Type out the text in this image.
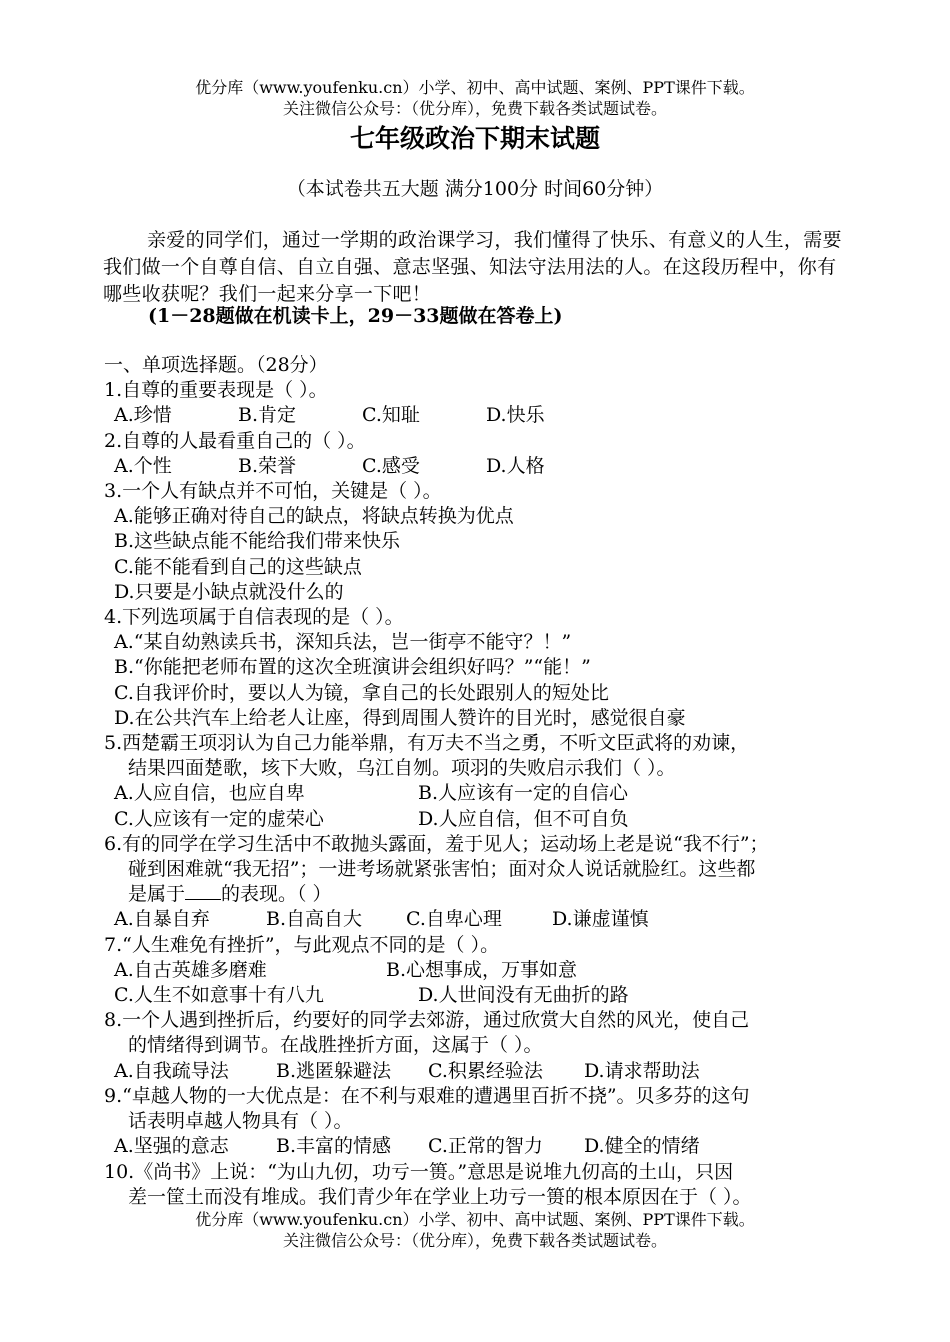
优分库（www.youfenku.cn）小学、初中、高中试题、案例、PPT课件下载。
关注微信公众号：（优分库），免费下载各类试题试卷。
七年级政治下期末试题
（本试卷共五大题 满分100分 时间60分钟）
亲爱的同学们，通过一学期的政治课学习，我们懂得了快乐、有意义的人生，需要我们做一个自尊自信、自立自强、意志坚强、知法守法用法的人。在这段历程中，你有哪些收获呢？我们一起来分享一下吧！
(1－28题做在机读卡上，29－33题做在答卷上)
一、单项选择题。（28分）
1.自尊的重要表现是（ ）。
A.珍惜	B.肯定	C.知耻	D.快乐
2.自尊的人最看重自己的（ ）。
A.个性	B.荣誉	C.感受	D.人格
3.一个人有缺点并不可怕，关键是（ ）。
A.能够正确对待自己的缺点，将缺点转换为优点
B.这些缺点能不能给我们带来快乐
C.能不能看到自己的这些缺点
D.只要是小缺点就没什么的
4.下列选项属于自信表现的是（ ）。
A.“某自幼熟读兵书，深知兵法，岂一街亭不能守？！”
B.“你能把老师布置的这次全班演讲会组织好吗？”“能！”
C.自我评价时，要以人为镜，拿自己的长处跟别人的短处比
D.在公共汽车上给老人让座，得到周围人赞许的目光时，感觉很自豪
5.西楚霸王项羽认为自己力能举鼎，有万夫不当之勇，不听文臣武将的劝谏，
结果四面楚歌，垓下大败，乌江自刎。项羽的失败启示我们（ ）。
A.人应自信，也应自卑	B.人应该有一定的自信心
C.人应该有一定的虚荣心	D.人应自信，但不可自负
6.有的同学在学习生活中不敢抛头露面，羞于见人；运动场上老是说“我不行”；
碰到困难就“我无招”；一进考场就紧张害怕；面对众人说话就脸红。这些都
是属于 的表现。（ ）
A.自暴自弃	B.自高自大	C.自卑心理	D.谦虚谨慎
7.“人生难免有挫折”，与此观点不同的是（ ）。
A.自古英雄多磨难	B.心想事成，万事如意
C.人生不如意事十有八九	D.人世间没有无曲折的路
8.一个人遇到挫折后，约要好的同学去郊游，通过欣赏大自然的风光，使自己
的情绪得到调节。在战胜挫折方面，这属于（ ）。
A.自我疏导法	B.逃匿躲避法	C.积累经验法	D.请求帮助法
9.“卓越人物的一大优点是：在不利与艰难的遭遇里百折不挠”。贝多芬的这句
话表明卓越人物具有（ ）。
A.坚强的意志	B.丰富的情感	C.正常的智力	D.健全的情绪
10.《尚书》上说：“为山九仞，功亏一篑。”意思是说堆九仞高的土山，只因
差一筐土而没有堆成。我们青少年在学业上功亏一篑的根本原因在于（ ）。
优分库（www.youfenku.cn）小学、初中、高中试题、案例、PPT课件下载。
关注微信公众号：（优分库），免费下载各类试题试卷。
